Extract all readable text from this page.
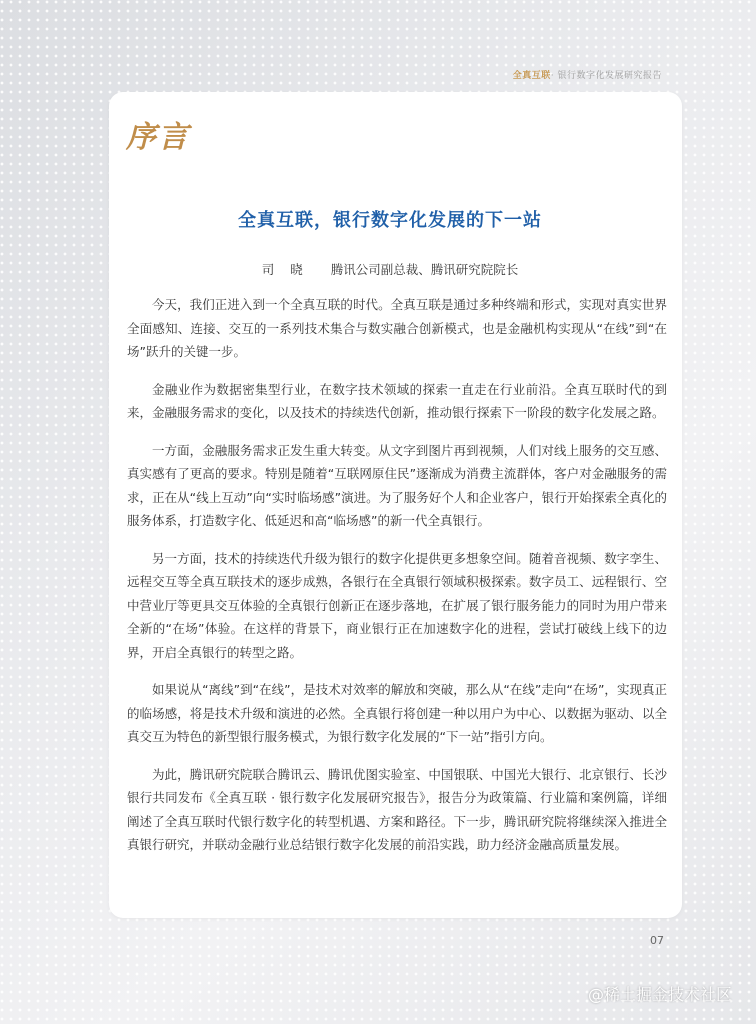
全真互联· 银行数字化发展研究报告
序言
全真互联，银行数字化发展的下一站
司 晓 腾讯公司副总裁、腾讯研究院院长

今天，我们正进入到一个全真互联的时代。全真互联是通过多种终端和形式，实现对真实世界全面感知、连接、交互的一系列技术集合与数实融合创新模式，也是金融机构实现从“在线”到“在场”跃升的关键一步。

金融业作为数据密集型行业，在数字技术领域的探索一直走在行业前沿。全真互联时代的到来，金融服务需求的变化，以及技术的持续迭代创新，推动银行探索下一阶段的数字化发展之路。

一方面，金融服务需求正发生重大转变。从文字到图片再到视频，人们对线上服务的交互感、真实感有了更高的要求。特别是随着“互联网原住民”逐渐成为消费主流群体，客户对金融服务的需求，正在从“线上互动”向“实时临场感”演进。为了服务好个人和企业客户，银行开始探索全真化的服务体系，打造数字化、低延迟和高“临场感”的新一代全真银行。

另一方面，技术的持续迭代升级为银行的数字化提供更多想象空间。随着音视频、数字孪生、远程交互等全真互联技术的逐步成熟，各银行在全真银行领域积极探索。数字员工、远程银行、空中营业厅等更具交互体验的全真银行创新正在逐步落地，在扩展了银行服务能力的同时为用户带来全新的“在场”体验。在这样的背景下，商业银行正在加速数字化的进程，尝试打破线上线下的边界，开启全真银行的转型之路。

如果说从“离线”到“在线”，是技术对效率的解放和突破，那么从“在线”走向“在场”，实现真正的临场感，将是技术升级和演进的必然。全真银行将创建一种以用户为中心、以数据为驱动、以全真交互为特色的新型银行服务模式，为银行数字化发展的“下一站”指引方向。

为此，腾讯研究院联合腾讯云、腾讯优图实验室、中国银联、中国光大银行、北京银行、长沙银行共同发布《全真互联 · 银行数字化发展研究报告》，报告分为政策篇、行业篇和案例篇，详细阐述了全真互联时代银行数字化的转型机遇、方案和路径。下一步，腾讯研究院将继续深入推进全真银行研究，并联动金融行业总结银行数字化发展的前沿实践，助力经济金融高质量发展。

07
@稀土掘金技术社区
